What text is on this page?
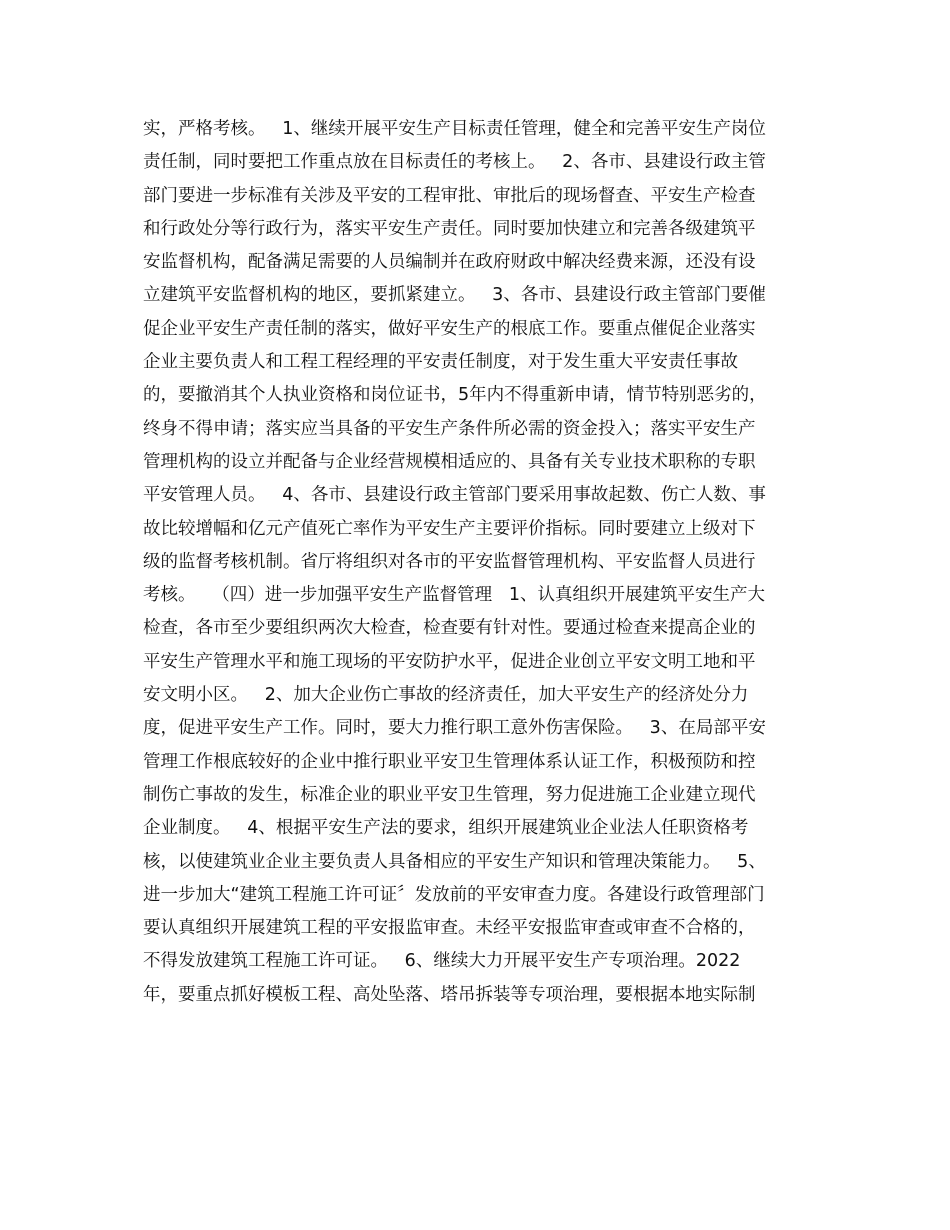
实，严格考核。   1、继续开展平安生产目标责任管理，健全和完善平安生产岗位
责任制，同时要把工作重点放在目标责任的考核上。   2、各市、县建设行政主管
部门要进一步标准有关涉及平安的工程审批、审批后的现场督查、平安生产检查
和行政处分等行政行为，落实平安生产责任。同时要加快建立和完善各级建筑平
安监督机构，配备满足需要的人员编制并在政府财政中解决经费来源，还没有设
立建筑平安监督机构的地区，要抓紧建立。   3、各市、县建设行政主管部门要催
促企业平安生产责任制的落实，做好平安生产的根底工作。要重点催促企业落实
企业主要负责人和工程工程经理的平安责任制度，对于发生重大平安责任事故
的，要撤消其个人执业资格和岗位证书，5年内不得重新申请，情节特别恶劣的，
终身不得申请；落实应当具备的平安生产条件所必需的资金投入；落实平安生产
管理机构的设立并配备与企业经营规模相适应的、具备有关专业技术职称的专职
平安管理人员。   4、各市、县建设行政主管部门要采用事故起数、伤亡人数、事
故比较增幅和亿元产值死亡率作为平安生产主要评价指标。同时要建立上级对下
级的监督考核机制。省厅将组织对各市的平安监督管理机构、平安监督人员进行
考核。   （四）进一步加强平安生产监督管理   1、认真组织开展建筑平安生产大
检查，各市至少要组织两次大检查，检查要有针对性。要通过检查来提高企业的
平安生产管理水平和施工现场的平安防护水平，促进企业创立平安文明工地和平
安文明小区。   2、加大企业伤亡事故的经济责任，加大平安生产的经济处分力
度，促进平安生产工作。同时，要大力推行职工意外伤害保险。   3、在局部平安
管理工作根底较好的企业中推行职业平安卫生管理体系认证工作，积极预防和控
制伤亡事故的发生，标准企业的职业平安卫生管理，努力促进施工企业建立现代
企业制度。   4、根据平安生产法的要求，组织开展建筑业企业法人任职资格考
核，以使建筑业企业主要负责人具备相应的平安生产知识和管理决策能力。   5、
进一步加大“建筑工程施工许可证〞发放前的平安审查力度。各建设行政管理部门
要认真组织开展建筑工程的平安报监审查。未经平安报监审查或审查不合格的，
不得发放建筑工程施工许可证。   6、继续大力开展平安生产专项治理。2022
年，要重点抓好模板工程、高处坠落、塔吊拆装等专项治理，要根据本地实际制
